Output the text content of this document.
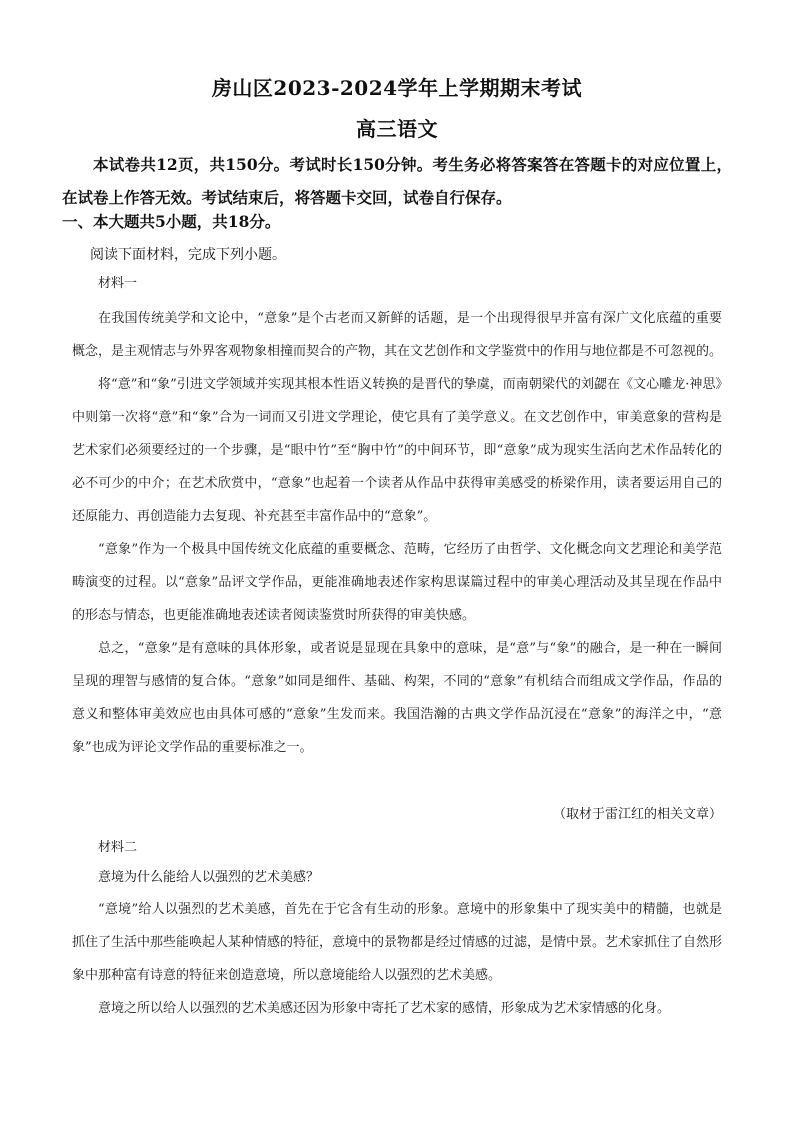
房山区2023-2024学年上学期期末考试
高三语文
本试卷共12页，共150分。考试时长150分钟。考生务必将答案答在答题卡的对应位置上，在试卷上作答无效。考试结束后，将答题卡交回，试卷自行保存。
一、本大题共5小题，共18分。
阅读下面材料，完成下列小题。
材料一

在我国传统美学和文论中，“意象”是个古老而又新鲜的话题，是一个出现得很早并富有深广文化底蕴的重要概念，是主观情志与外界客观物象相撞而契合的产物，其在文艺创作和文学鉴赏中的作用与地位都是不可忽视的。

将“意”和“象”引进文学领域并实现其根本性语义转换的是晋代的挚虞，而南朝梁代的刘勰在《文心雕龙·神思》中则第一次将“意”和“象”合为一词而又引进文学理论，使它具有了美学意义。在文艺创作中，审美意象的营构是艺术家们必须要经过的一个步骤，是“眼中竹”至“胸中竹”的中间环节，即“意象”成为现实生活向艺术作品转化的必不可少的中介；在艺术欣赏中，“意象”也起着一个读者从作品中获得审美感受的桥梁作用，读者要运用自己的还原能力、再创造能力去复现、补充甚至丰富作品中的“意象”。

“意象”作为一个极具中国传统文化底蕴的重要概念、范畴，它经历了由哲学、文化概念向文艺理论和美学范畴演变的过程。以“意象”品评文学作品，更能准确地表述作家构思谋篇过程中的审美心理活动及其呈现在作品中的形态与情态，也更能准确地表述读者阅读鉴赏时所获得的审美快感。

总之，“意象”是有意味的具体形象，或者说是显现在具象中的意味，是“意”与“象”的融合，是一种在一瞬间呈现的理智与感情的复合体。“意象”如同是细件、基础、构架，不同的“意象”有机结合而组成文学作品，作品的意义和整体审美效应也由具体可感的“意象”生发而来。我国浩瀚的古典文学作品沉浸在“意象”的海洋之中，“意象”也成为评论文学作品的重要标准之一。

（取材于雷江红的相关文章）
材料二
意境为什么能给人以强烈的艺术美感？

“意境”给人以强烈的艺术美感，首先在于它含有生动的形象。意境中的形象集中了现实美中的精髓，也就是抓住了生活中那些能唤起人某种情感的特征，意境中的景物都是经过情感的过滤，是情中景。艺术家抓住了自然形象中那种富有诗意的特征来创造意境，所以意境能给人以强烈的艺术美感。

意境之所以给人以强烈的艺术美感还因为形象中寄托了艺术家的感情，形象成为艺术家情感的化身。
